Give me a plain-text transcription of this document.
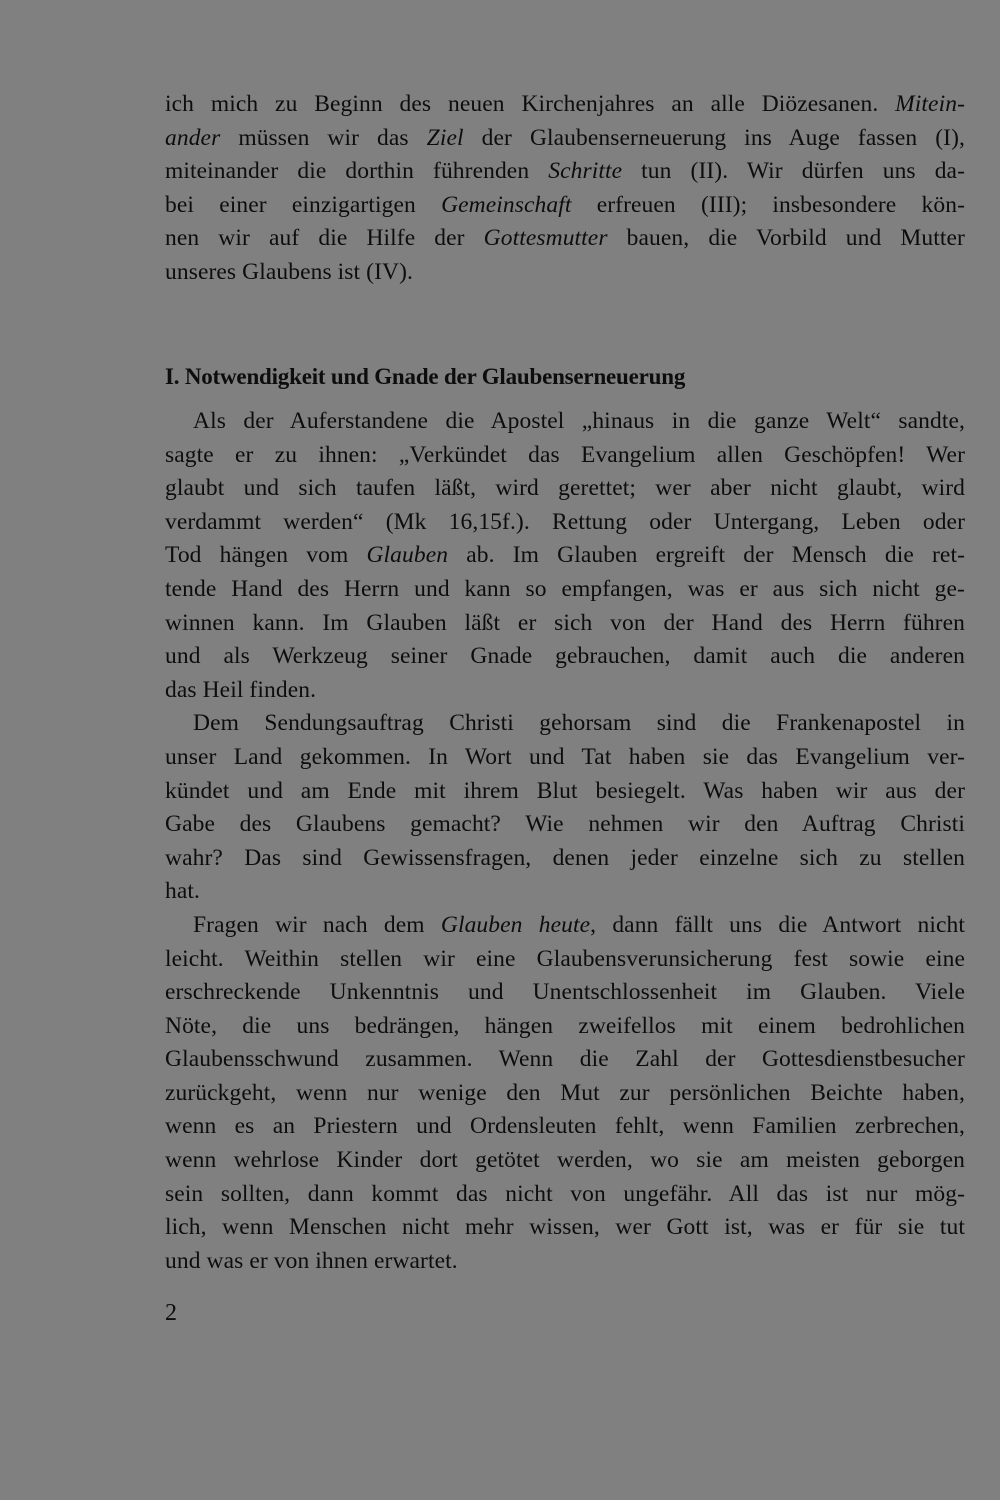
ich mich zu Beginn des neuen Kirchenjahres an alle Diözesanen. Mitein-
ander müssen wir das Ziel der Glaubenserneuerung ins Auge fassen (I),
miteinander die dorthin führenden Schritte tun (II). Wir dürfen uns da-
bei einer einzigartigen Gemeinschaft erfreuen (III); insbesondere kön-
nen wir auf die Hilfe der Gottesmutter bauen, die Vorbild und Mutter
unseres Glaubens ist (IV).
I. Notwendigkeit und Gnade der Glaubenserneuerung
Als der Auferstandene die Apostel „hinaus in die ganze Welt“ sandte,
sagte er zu ihnen: „Verkündet das Evangelium allen Geschöpfen! Wer
glaubt und sich taufen läßt, wird gerettet; wer aber nicht glaubt, wird
verdammt werden“ (Mk 16,15f.). Rettung oder Untergang, Leben oder
Tod hängen vom Glauben ab. Im Glauben ergreift der Mensch die ret-
tende Hand des Herrn und kann so empfangen, was er aus sich nicht ge-
winnen kann. Im Glauben läßt er sich von der Hand des Herrn führen
und als Werkzeug seiner Gnade gebrauchen, damit auch die anderen
das Heil finden.
Dem Sendungsauftrag Christi gehorsam sind die Frankenapostel in
unser Land gekommen. In Wort und Tat haben sie das Evangelium ver-
kündet und am Ende mit ihrem Blut besiegelt. Was haben wir aus der
Gabe des Glaubens gemacht? Wie nehmen wir den Auftrag Christi
wahr? Das sind Gewissensfragen, denen jeder einzelne sich zu stellen
hat.
Fragen wir nach dem Glauben heute, dann fällt uns die Antwort nicht
leicht. Weithin stellen wir eine Glaubensverunsicherung fest sowie eine
erschreckende Unkenntnis und Unentschlossenheit im Glauben. Viele
Nöte, die uns bedrängen, hängen zweifellos mit einem bedrohlichen
Glaubensschwund zusammen. Wenn die Zahl der Gottesdienstbesucher
zurückgeht, wenn nur wenige den Mut zur persönlichen Beichte haben,
wenn es an Priestern und Ordensleuten fehlt, wenn Familien zerbrechen,
wenn wehrlose Kinder dort getötet werden, wo sie am meisten geborgen
sein sollten, dann kommt das nicht von ungefähr. All das ist nur mög-
lich, wenn Menschen nicht mehr wissen, wer Gott ist, was er für sie tut
und was er von ihnen erwartet.
2
